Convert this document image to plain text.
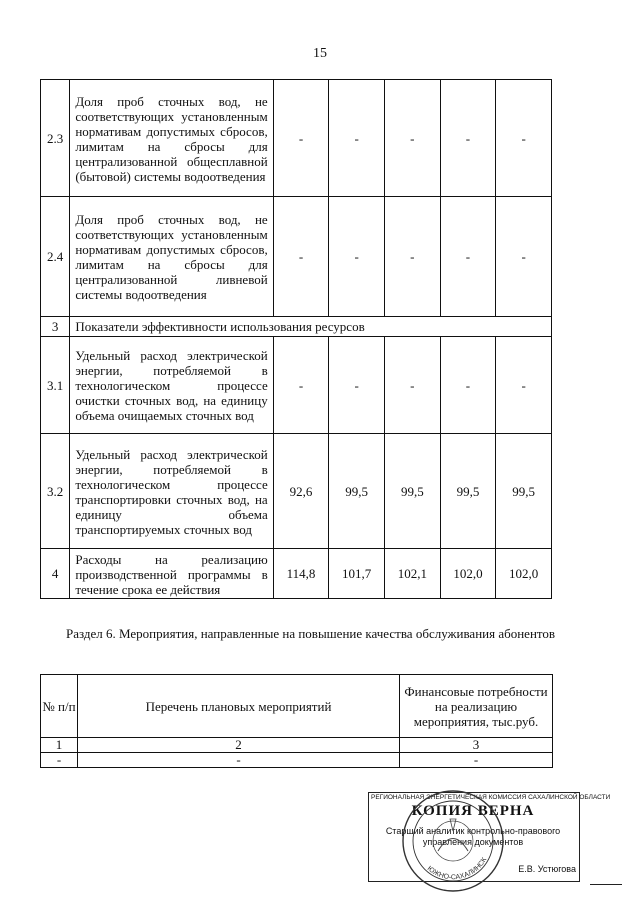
15
2.3	Доля проб сточных вод, не соответствующих установленным нормативам допустимых сбросов, лимитам на сбросы для централизованной общесплавной (бытовой) системы водоотведения	-	-	-	-	-
2.4	Доля проб сточных вод, не соответствующих установленным нормативам допустимых сбросов, лимитам на сбросы для централизованной ливневой системы водоотведения	-	-	-	-	-
3	Показатели эффективности использования ресурсов					
3.1	Удельный расход электрической энергии, потребляемой в технологическом процессе очистки сточных вод, на единицу объема очищаемых сточных вод	-	-	-	-	-
3.2	Удельный расход электрической энергии, потребляемой в технологическом процессе транспортировки сточных вод, на единицу объема транспортируемых сточных вод	92,6	99,5	99,5	99,5	99,5
4	Расходы на реализацию производственной программы в течение срока ее действия	114,8	101,7	102,1	102,0	102,0
Раздел 6. Мероприятия, направленные на повышение качества обслуживания абонентов
№ п/п	Перечень плановых мероприятий	Финансовые потребности на реализацию мероприятия, тыс.руб.
1	2	3
-	-	-
РЕГИОНАЛЬНАЯ ЭНЕРГЕТИЧЕСКАЯ КОМИССИЯ САХАЛИНСКОЙ ОБЛАСТИ
КОПИЯ ВЕРНА
Старший аналитик контрольно-правового управления документов
Е.В. Устюгова
ЮЖНО-САХАЛИНСК
